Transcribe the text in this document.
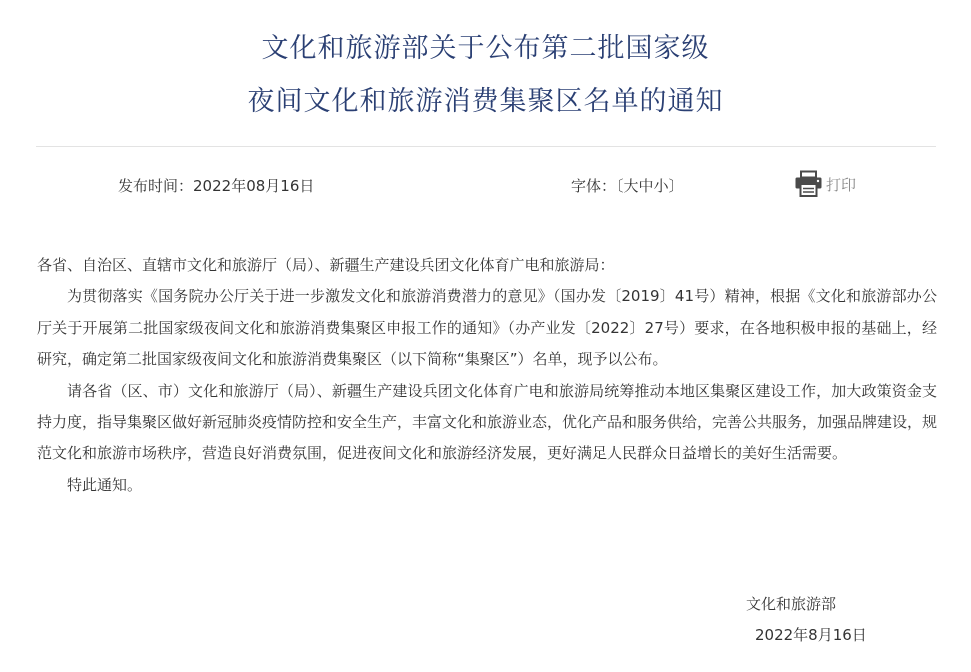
文化和旅游部关于公布第二批国家级
夜间文化和旅游消费集聚区名单的通知
发布时间：2022年08月16日	字体：〔大中小〕	打印

各省、自治区、直辖市文化和旅游厅（局）、新疆生产建设兵团文化体育广电和旅游局：

为贯彻落实《国务院办公厅关于进一步激发文化和旅游消费潜力的意见》（国办发〔2019〕41号）精神，根据《文化和旅游部办公厅关于开展第二批国家级夜间文化和旅游消费集聚区申报工作的通知》（办产业发〔2022〕27号）要求，在各地积极申报的基础上，经研究，确定第二批国家级夜间文化和旅游消费集聚区（以下简称“集聚区”）名单，现予以公布。

请各省（区、市）文化和旅游厅（局）、新疆生产建设兵团文化体育广电和旅游局统筹推动本地区集聚区建设工作，加大政策资金支持力度，指导集聚区做好新冠肺炎疫情防控和安全生产，丰富文化和旅游业态，优化产品和服务供给，完善公共服务，加强品牌建设，规范文化和旅游市场秩序，营造良好消费氛围，促进夜间文化和旅游经济发展，更好满足人民群众日益增长的美好生活需要。

特此通知。

文化和旅游部
2022年8月16日
